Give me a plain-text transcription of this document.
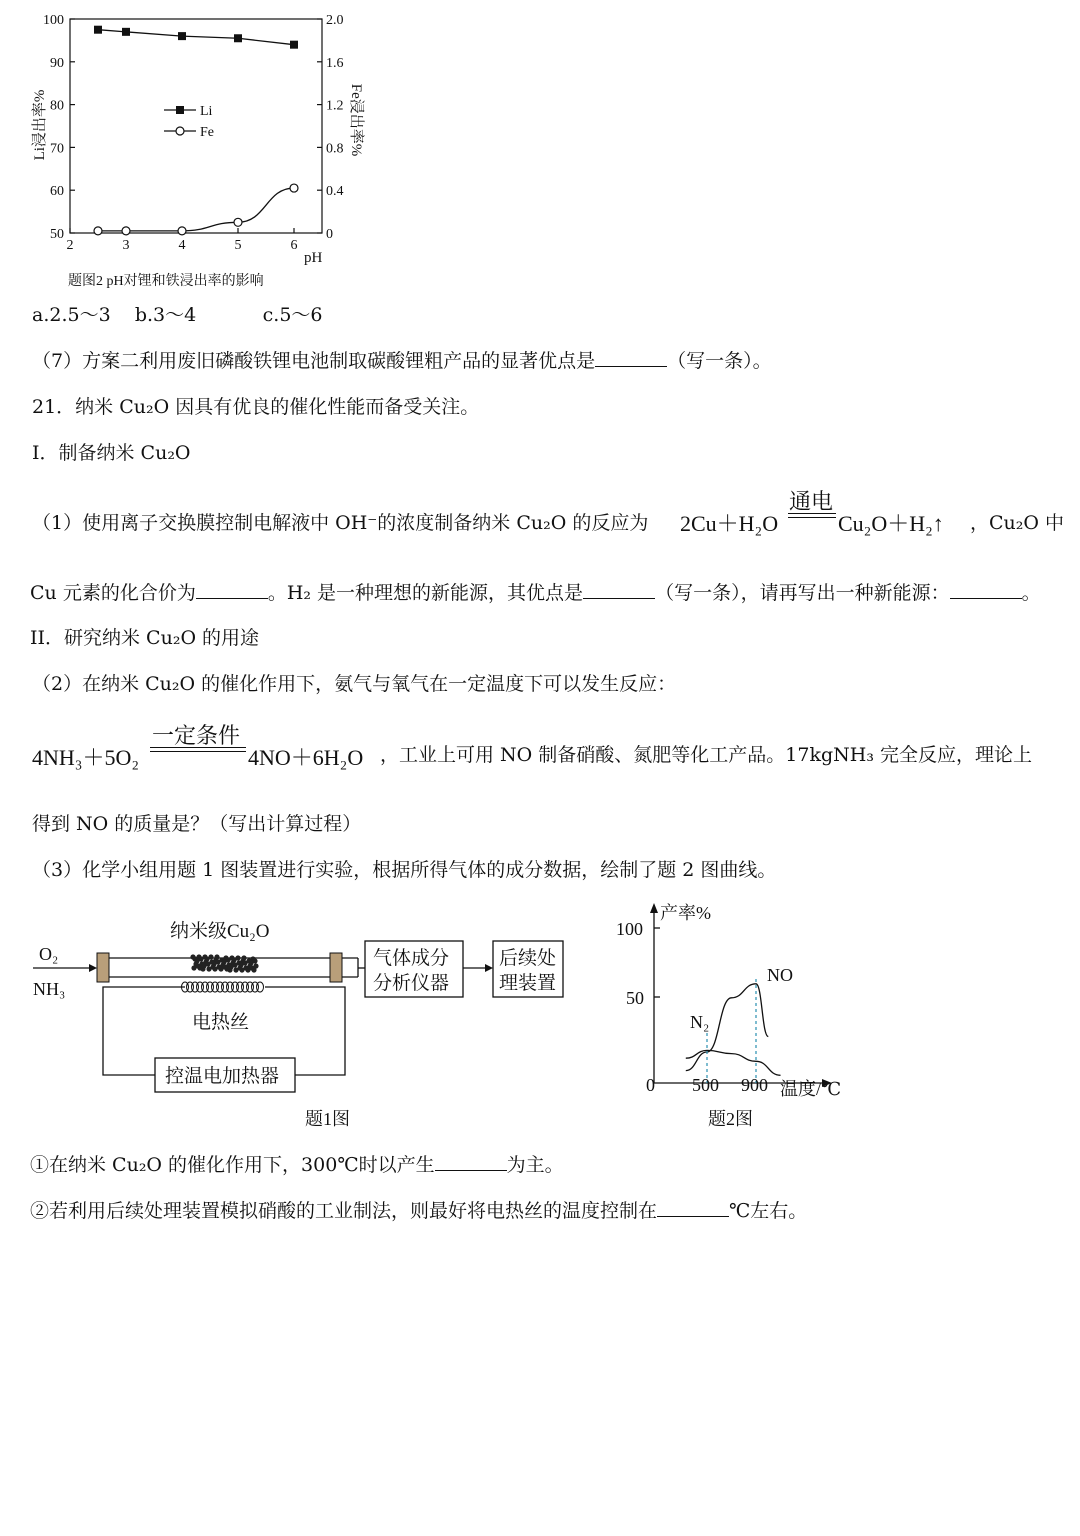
100
90
80
70
60
50
2.0
1.6
1.2
0.8
0.4
0
2	3	4	5	6
Li浸出率%	Fe浸出率%
pH
题图2 pH对锂和铁浸出率的影响
Li
Fe
a.2.5～3    b.3～4           c.5～6
（7）方案二利用废旧磷酸铁锂电池制取碳酸锂粗产品的显著优点是	（写一条）。
21．纳米 Cu₂O 因具有优良的催化性能而备受关注。
I．制备纳米 Cu₂O
（1）使用离子交换膜控制电解液中 OH⁻的浓度制备纳米 Cu₂O 的反应为 2Cu＋H₂O
通电
Cu₂O＋H₂↑ ，Cu₂O 中
Cu 元素的化合价为	。H₂ 是一种理想的新能源，其优点是	（写一条），请再写出一种新能源：	。
II．研究纳米 Cu₂O 的用途
（2）在纳米 Cu₂O 的催化作用下，氨气与氧气在一定温度下可以发生反应：
4NH₃＋5O₂
一定条件
4NO＋6H₂O ，工业上可用 NO 制备硝酸、氮肥等化工产品。17kgNH₃ 完全反应，理论上
得到 NO 的质量是？（写出计算过程）
（3）化学小组用题 1 图装置进行实验，根据所得气体的成分数据，绘制了题 2 图曲线。
纳米级Cu₂O
O₂
NH₃
气体成分
分析仪器
后续处
理装置
电热丝
控温电加热器
题1图
产率%
100
50
0 500 900 温度/℃
NO
N₂
题2图
①在纳米 Cu₂O 的催化作用下，300℃时以产生	为主。
②若利用后续处理装置模拟硝酸的工业制法，则最好将电热丝的温度控制在	℃左右。
